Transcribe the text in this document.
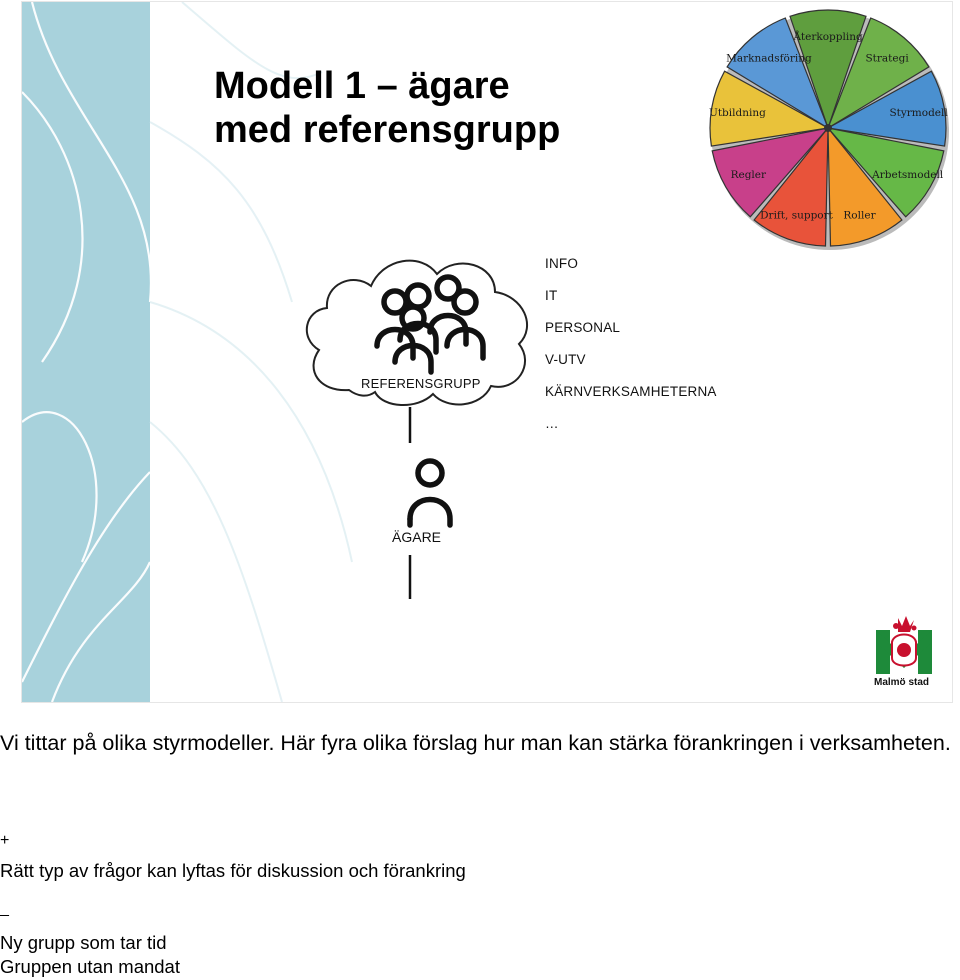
Modell 1 – ägare
med referensgrupp
Återkoppling
Strategi
Styrmodell
Arbetsmodell
Roller
Drift, support
Regler
Utbildning
Marknadsföring

INFO

IT

PERSONAL

V-UTV

KÄRNVERKSAMHETERNA

…

REFERENSGRUPP
ÄGARE
Malmö stad

Vi tittar på olika styrmodeller. Här fyra olika förslag hur man kan stärka förankringen i verksamheten.

+
Rätt typ av frågor kan lyftas för diskussion och förankring
_
Ny grupp som tar tid
Gruppen utan mandat
